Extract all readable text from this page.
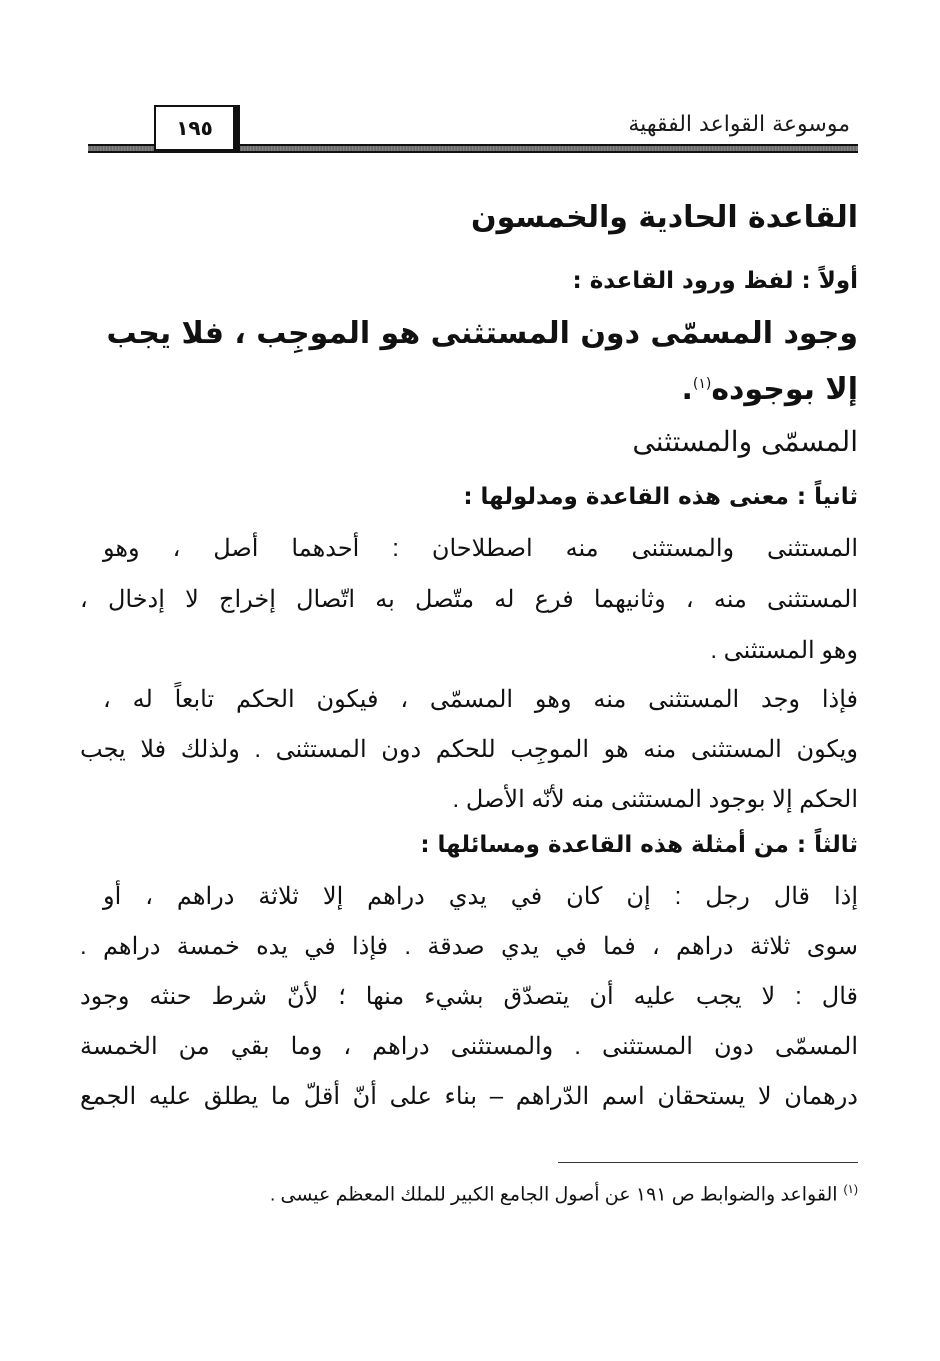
موسوعة القواعد الفقهية
١٩٥
القاعدة الحادية والخمسون
أولاً : لفظ ورود القاعدة :
وجود المسمّى دون المستثنى هو الموجِب ، فلا يجب
إلا بوجوده$^{(١)}$.
المسمّى والمستثنى
ثانياً : معنى هذه القاعدة ومدلولها :
المستثنى والمستثنى منه اصطلاحان : أحدهما أصل ، وهو
المستثنى منه ، وثانيهما فرع له متّصل به اتّصال إخراج لا إدخال ،
وهو المستثنى .
فإذا وجد المستثنى منه وهو المسمّى ، فيكون الحكم تابعاً له ،
ويكون المستثنى منه هو الموجِب للحكم دون المستثنى . ولذلك فلا يجب
الحكم إلا بوجود المستثنى منه لأنّه الأصل .
ثالثاً : من أمثلة هذه القاعدة ومسائلها :
إذا قال رجل : إن كان في يدي دراهم إلا ثلاثة دراهم ، أو
سوى ثلاثة دراهم ، فما في يدي صدقة . فإذا في يده خمسة دراهم .
قال : لا يجب عليه أن يتصدّق بشيء منها ؛ لأنّ شرط حنثه وجود
المسمّى دون المستثنى . والمستثنى دراهم ، وما بقي من الخمسة
درهمان لا يستحقان اسم الدّراهم – بناء على أنّ أقلّ ما يطلق عليه الجمع
$^{(١)}$القواعد والضوابط ص ١٩١ عن أصول الجامع الكبير للملك المعظم عيسى .
